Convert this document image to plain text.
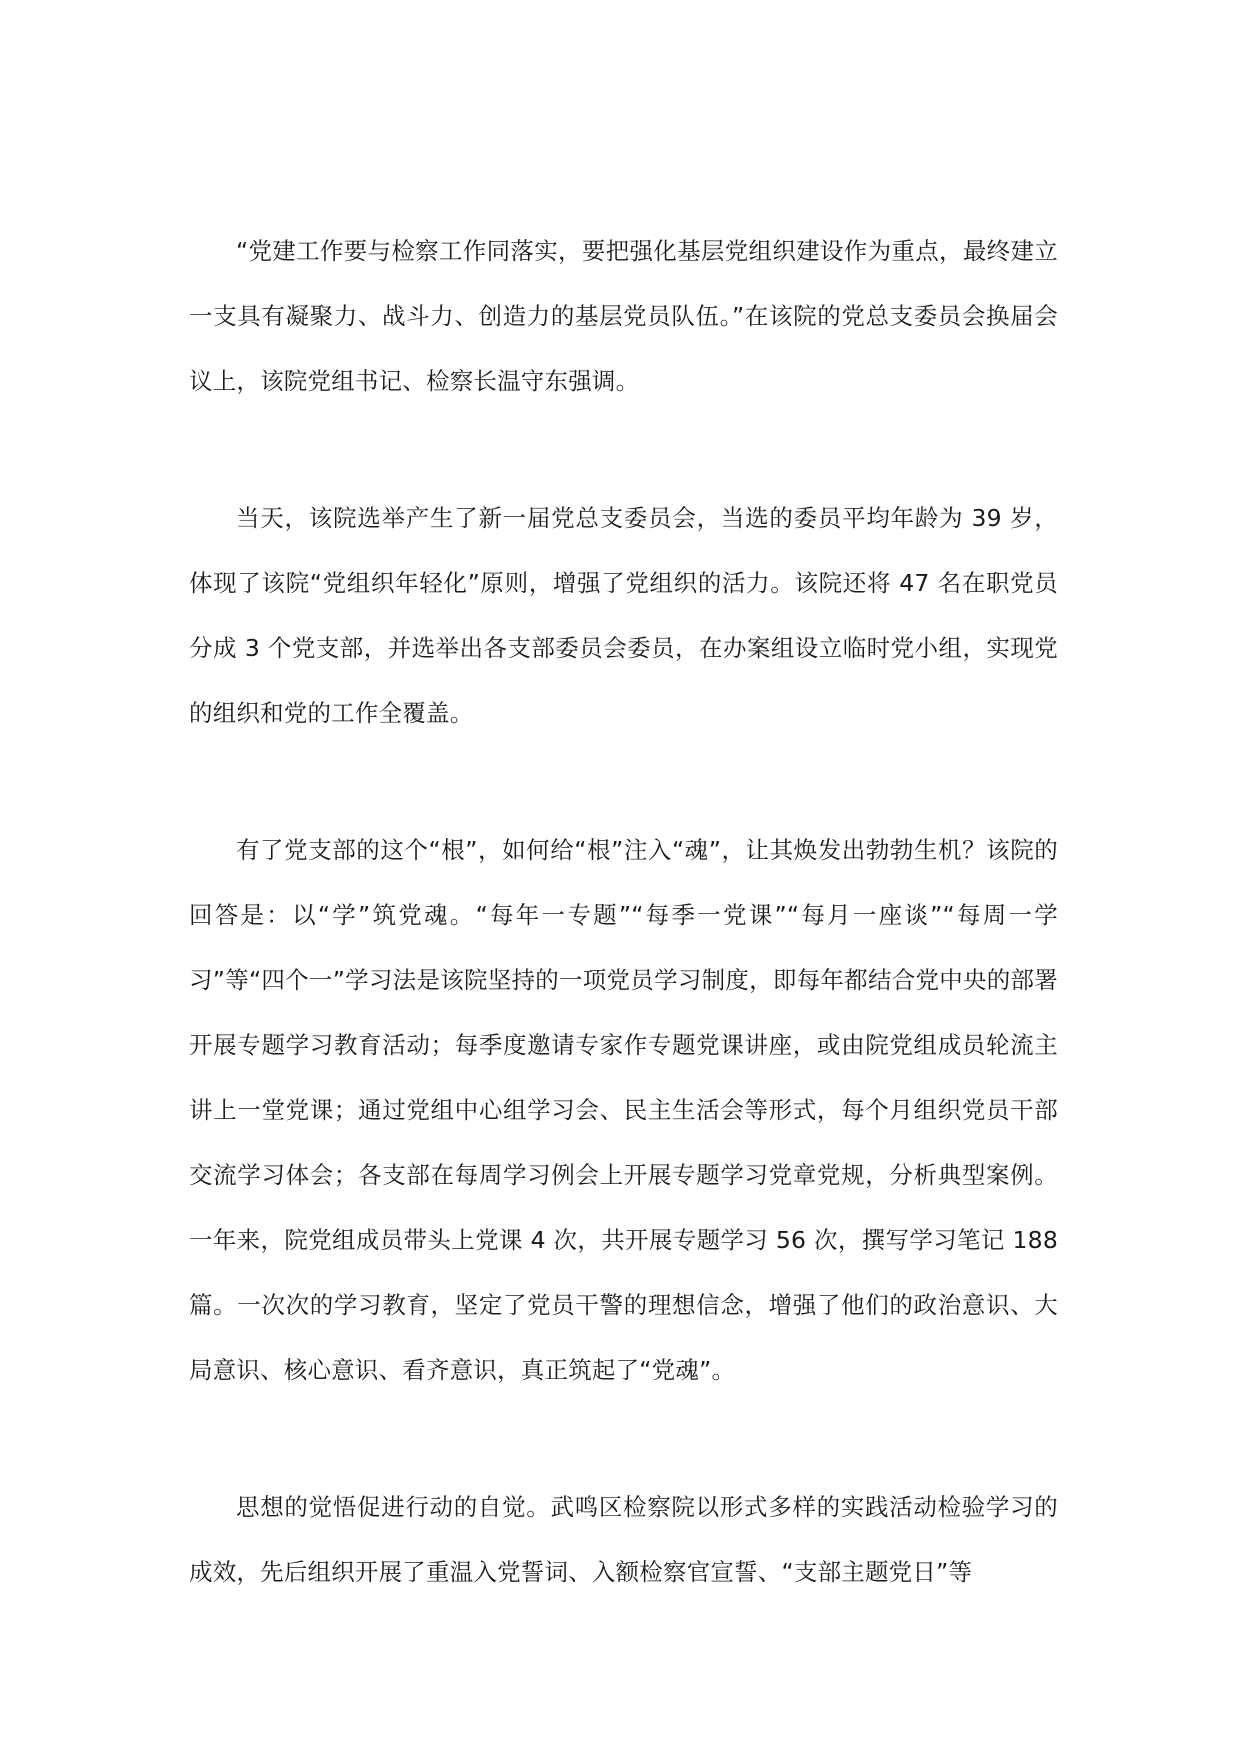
“党建工作要与检察工作同落实，要把强化基层党组织建设作为重点，最终建立一支具有凝聚力、战斗力、创造力的基层党员队伍。”在该院的党总支委员会换届会议上，该院党组书记、检察长温守东强调。

当天，该院选举产生了新一届党总支委员会，当选的委员平均年龄为 39 岁，体现了该院“党组织年轻化”原则，增强了党组织的活力。该院还将 47 名在职党员分成 3 个党支部，并选举出各支部委员会委员，在办案组设立临时党小组，实现党的组织和党的工作全覆盖。

有了党支部的这个“根”，如何给“根”注入“魂”，让其焕发出勃勃生机？该院的回答是：以“学”筑党魂。“每年一专题”“每季一党课”“每月一座谈”“每周一学习”等“四个一”学习法是该院坚持的一项党员学习制度，即每年都结合党中央的部署开展专题学习教育活动；每季度邀请专家作专题党课讲座，或由院党组成员轮流主讲上一堂党课；通过党组中心组学习会、民主生活会等形式，每个月组织党员干部交流学习体会；各支部在每周学习例会上开展专题学习党章党规，分析典型案例。一年来，院党组成员带头上党课 4 次，共开展专题学习 56 次，撰写学习笔记 188 篇。一次次的学习教育，坚定了党员干警的理想信念，增强了他们的政治意识、大局意识、核心意识、看齐意识，真正筑起了“党魂”。

思想的觉悟促进行动的自觉。武鸣区检察院以形式多样的实践活动检验学习的成效，先后组织开展了重温入党誓词、入额检察官宣誓、“支部主题党日”等
